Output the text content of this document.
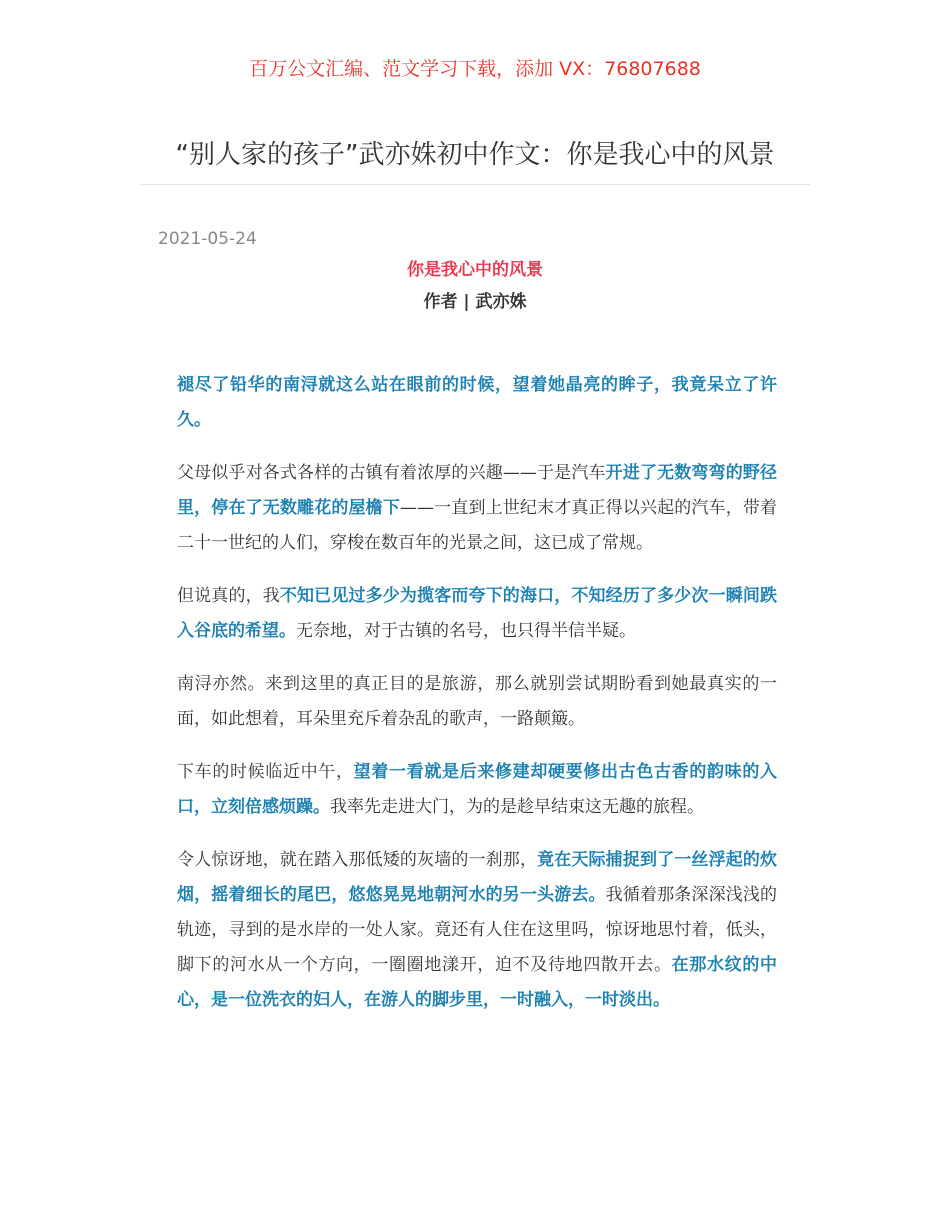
百万公文汇编、范文学习下载，添加 VX：76807688
“别人家的孩子”武亦姝初中作文：你是我心中的风景
2021-05-24
你是我心中的风景
作者 | 武亦姝

褪尽了铅华的南浔就这么站在眼前的时候，望着她晶亮的眸子，我竟呆立了许久。

父母似乎对各式各样的古镇有着浓厚的兴趣——于是汽车开进了无数弯弯的野径里，停在了无数雕花的屋檐下——一直到上世纪末才真正得以兴起的汽车，带着二十一世纪的人们，穿梭在数百年的光景之间，这已成了常规。

但说真的，我不知已见过多少为揽客而夸下的海口，不知经历了多少次一瞬间跌入谷底的希望。无奈地，对于古镇的名号，也只得半信半疑。

南浔亦然。来到这里的真正目的是旅游，那么就别尝试期盼看到她最真实的一面，如此想着，耳朵里充斥着杂乱的歌声，一路颠簸。

下车的时候临近中午，望着一看就是后来修建却硬要修出古色古香的韵味的入口，立刻倍感烦躁。我率先走进大门，为的是趁早结束这无趣的旅程。

令人惊讶地，就在踏入那低矮的灰墙的一刹那，竟在天际捕捉到了一丝浮起的炊烟，摇着细长的尾巴，悠悠晃晃地朝河水的另一头游去。我循着那条深深浅浅的轨迹，寻到的是水岸的一处人家。竟还有人住在这里吗，惊讶地思忖着，低头，脚下的河水从一个方向，一圈圈地漾开，迫不及待地四散开去。在那水纹的中心，是一位洗衣的妇人，在游人的脚步里，一时融入，一时淡出。
